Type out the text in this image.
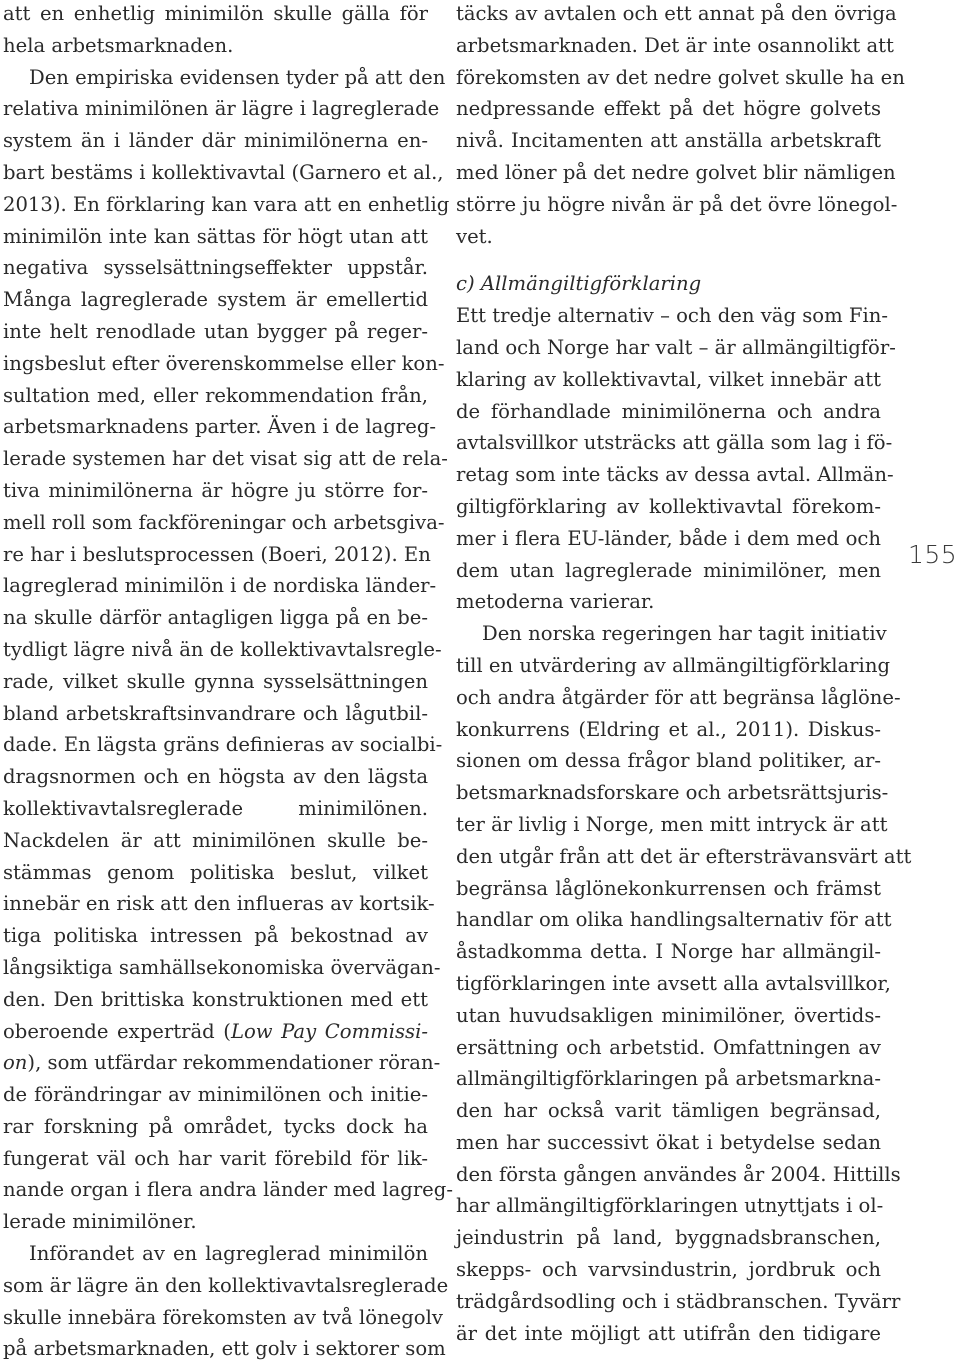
att en enhetlig minimilön skulle gälla för
hela arbetsmarknaden.
Den empiriska evidensen tyder på att den
relativa minimilönen är lägre i lagreglerade
system än i länder där minimilönerna en-
bart bestäms i kollektivavtal (Garnero et al.,
2013). En förklaring kan vara att en enhetlig
minimilön inte kan sättas för högt utan att
negativa sysselsättningseffekter uppstår.
Många lagreglerade system är emellertid
inte helt renodlade utan bygger på reger-
ingsbeslut efter överenskommelse eller kon-
sultation med, eller rekommendation från,
arbetsmarknadens parter. Även i de lagreg-
lerade systemen har det visat sig att de rela-
tiva minimilönerna är högre ju större for-
mell roll som fackföreningar och arbetsgiva-
re har i beslutsprocessen (Boeri, 2012). En
lagreglerad minimilön i de nordiska länder-
na skulle därför antagligen ligga på en be-
tydligt lägre nivå än de kollektivavtalsregle-
rade, vilket skulle gynna sysselsättningen
bland arbetskraftsinvandrare och lågutbil-
dade. En lägsta gräns definieras av socialbi-
dragsnormen och en högsta av den lägsta
kollektivavtalsreglerade minimilönen.
Nackdelen är att minimilönen skulle be-
stämmas genom politiska beslut, vilket
innebär en risk att den influeras av kortsik-
tiga politiska intressen på bekostnad av
långsiktiga samhällsekonomiska övervägan-
den. Den brittiska konstruktionen med ett
oberoende experträd (Low Pay Commissi-
on), som utfärdar rekommendationer röran-
de förändringar av minimilönen och initie-
rar forskning på området, tycks dock ha
fungerat väl och har varit förebild för lik-
nande organ i flera andra länder med lagreg-
lerade minimilöner.
Införandet av en lagreglerad minimilön
som är lägre än den kollektivavtalsreglerade
skulle innebära förekomsten av två lönegolv
på arbetsmarknaden, ett golv i sektorer som
täcks av avtalen och ett annat på den övriga
arbetsmarknaden. Det är inte osannolikt att
förekomsten av det nedre golvet skulle ha en
nedpressande effekt på det högre golvets
nivå. Incitamenten att anställa arbetskraft
med löner på det nedre golvet blir nämligen
större ju högre nivån är på det övre lönegol-
vet.
c) Allmängiltigförklaring
Ett tredje alternativ – och den väg som Fin-
land och Norge har valt – är allmängiltigför-
klaring av kollektivavtal, vilket innebär att
de förhandlade minimilönerna och andra
avtalsvillkor utsträcks att gälla som lag i fö-
retag som inte täcks av dessa avtal. Allmän-
giltigförklaring av kollektivavtal förekom-
mer i flera EU-länder, både i dem med och
dem utan lagreglerade minimilöner, men
metoderna varierar.
Den norska regeringen har tagit initiativ
till en utvärdering av allmängiltigförklaring
och andra åtgärder för att begränsa låglöne-
konkurrens (Eldring et al., 2011). Diskus-
sionen om dessa frågor bland politiker, ar-
betsmarknadsforskare och arbetsrättsjuris-
ter är livlig i Norge, men mitt intryck är att
den utgår från att det är eftersträvansvärt att
begränsa låglönekonkurrensen och främst
handlar om olika handlingsalternativ för att
åstadkomma detta. I Norge har allmängil-
tigförklaringen inte avsett alla avtalsvillkor,
utan huvudsakligen minimilöner, övertids-
ersättning och arbetstid. Omfattningen av
allmängiltigförklaringen på arbetsmarkna-
den har också varit tämligen begränsad,
men har successivt ökat i betydelse sedan
den första gången användes år 2004. Hittills
har allmängiltigförklaringen utnyttjats i ol-
jeindustrin på land, byggnadsbranschen,
skepps- och varvsindustrin, jordbruk och
trädgårdsodling och i städbranschen. Tyvärr
är det inte möjligt att utifrån den tidigare
155
